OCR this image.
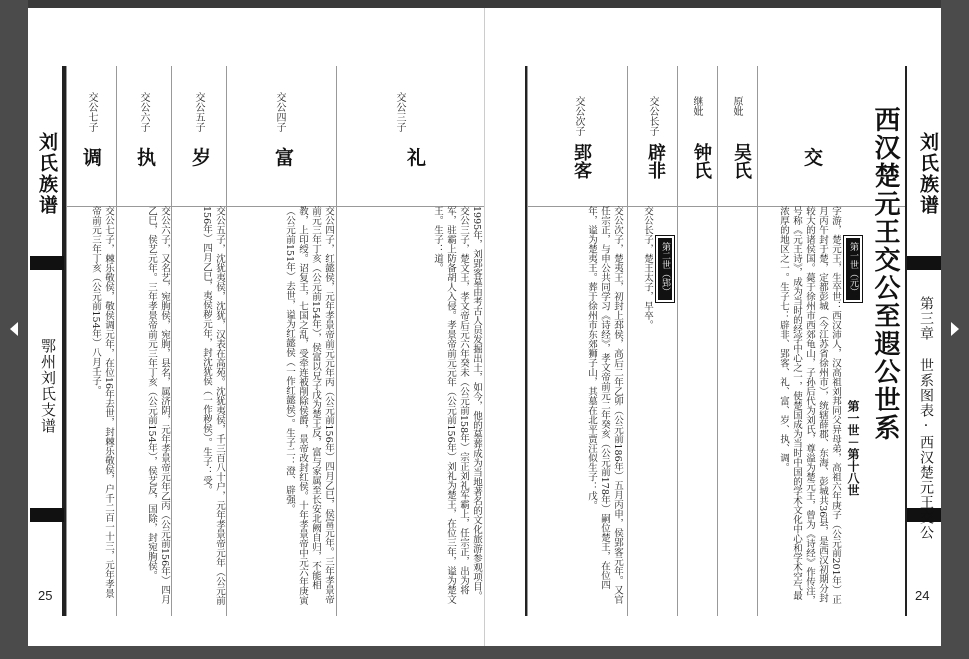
刘氏族谱
鄂州刘氏支谱
25
交公三子
礼
1995年，刘郢客墓由考古人员发掘出土，如今，他的墓葬成为当地著名的文化旅游参观项目。交公三子，楚文王，孝文帝后元六年癸未（公元前158年）宗正刘礼军霸上，任宗正，出为将军，驻霸上防备胡人入侵。孝景帝前元元年（公元前156年）刘礼为楚王，在位三年，谥为楚文王。生子：道。
交公四子
富
交公四子，红懿侯，元年孝景帝前元元年丙（公元前156年）四月乙巳，侯富元年。三年孝景帝前元三年丁亥（公元前154年），侯富以兄子戊为楚王反，富与家属至长安北阙自归，不能相教，上印绶。诏复王，七国之乱，受牵连被削除侯爵，景帝改封红侯。十年孝景帝中元六年庚寅（公元前151年）去世，谥为红懿侯（一作红懿侯）。生子二：澄、辟强。
交公五子
岁
交公五子，沈犹夷侯，沈犹，汉表在高苑。沈犹夷侯，千三百八十户，元年孝景帝元年（公元前156年）四月乙巳，夷侯秽元年，封沈犹侯（一作秽侯）。生子：受。
交公六子
执
交公六子，又名艺，宛朐侯，宛朐，县名，属济阴，元年孝景帝元年乙丙（公元前156年）四月乙巳，侯艺元年。三年孝景帝前元三年丁亥（公元前154年），侯艺反，国除，封宛朐侯。
交公七子
调
交公七子，棘乐敬侯，敬侯调元年，在位16年去世，封棘乐敬侯，户千二百一十三，元年孝景帝前元三年丁亥（公元前154年）八月壬子。
交
第一世（元）
字游，楚元王，生卒世：西汉沛人，汉高祖刘邦同父异母弟，高祖六年庚子（公元前201年）正月丙午封于楚，定都彭城（今江苏省徐州市），统辖薛郡、东海、彭城共36县，是西汉初期分封较大的诸侯国。薨于徐州市西郊龟山，子孙后代为刘氏，尊溢为楚元王，曾为《诗经》作传注，号称《元王诗》，成为当时的经学中心之一，使楚国成为当时中国的学术文化中心和学术空气最浓厚的地区之一。生子七：辟非、郢客、礼、富、岁、执、调。
原妣
吴氏
继妣
钟氏
交公长子
辟非
第二世（郢）
交公长子，楚王太子，早卒。
交公次子
郢客
交公次子，楚夷王，初封上邳侯，高后二年乙卯（公元前186年）五月丙申，侯郢客元年。又官任宗正，与申公共同学习《诗经》，孝文帝前元二年癸亥（公元前178年）嗣位楚王，在位四年，谥为楚夷王。葬于徐州市东郊狮子山，其墓在北平贾汪似生子：戊。	西汉楚元王交公至遐公世系
第一世－第十八世
刘氏族谱
第三章 世系图表·西汉楚元王交公
24
